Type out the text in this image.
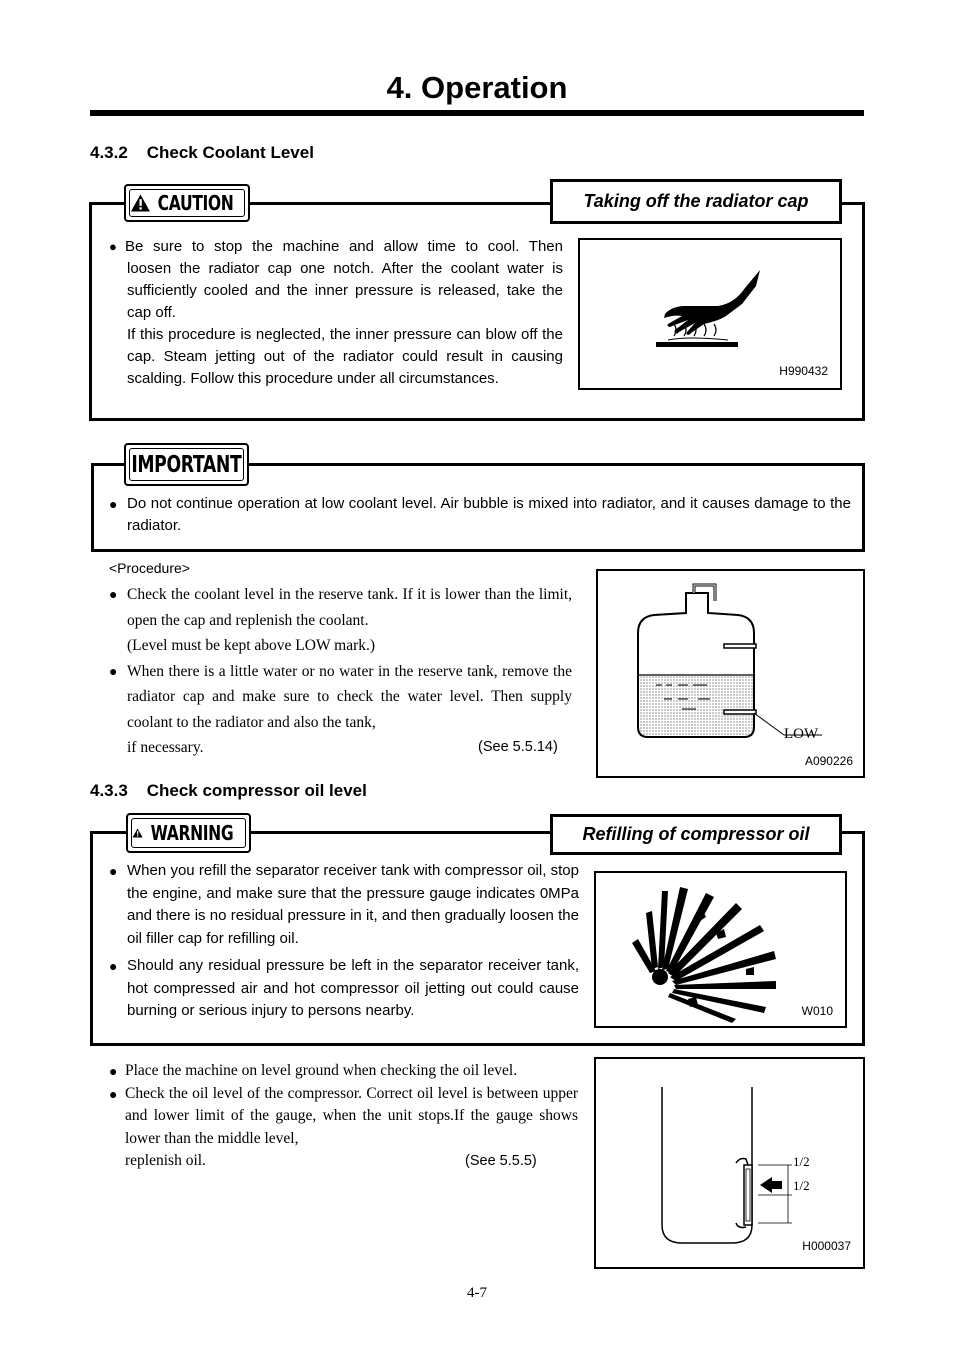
4. Operation
4.3.2    Check Coolant Level
CAUTION	Taking off the radiator cap
● Be sure to stop the machine and allow time to cool. Then
loosen the radiator cap one notch. After the coolant water is sufficiently cooled and the inner pressure is released, take the cap off.
If this procedure is neglected, the inner pressure can blow off the cap. Steam jetting out of the radiator could result in causing scalding. Follow this procedure under all circumstances.	H990432
IMPORTANT
● Do not continue operation at low coolant level. Air bubble is mixed into radiator, and it causes damage to the radiator.
<Procedure>
● Check the coolant level in the reserve tank. If it is lower than the limit, open the cap and replenish the coolant.
(Level must be kept above LOW mark.)
● When there is a little water or no water in the reserve tank, remove the radiator cap and make sure to check the water level. Then supply coolant to the radiator and also the tank,
if necessary.	(See 5.5.14)
LOW
A090226
4.3.3    Check compressor oil level
WARNING	Refilling of compressor oil
● When you refill the separator receiver tank with compressor oil, stop the engine, and make sure that the pressure gauge indicates 0MPa and there is no residual pressure in it, and then gradually loosen the oil filler cap for refilling oil.
● Should any residual pressure be left in the separator receiver tank, hot compressed air and hot compressor oil jetting out could cause burning or serious injury to persons nearby.	W010
● Place the machine on level ground when checking the oil level.
● Check the oil level of the compressor. Correct oil level is between upper and lower limit of the gauge, when the unit stops.If the gauge shows lower than the middle level,
replenish oil.	(See 5.5.5)	1/2
1/2
H000037
4-7
